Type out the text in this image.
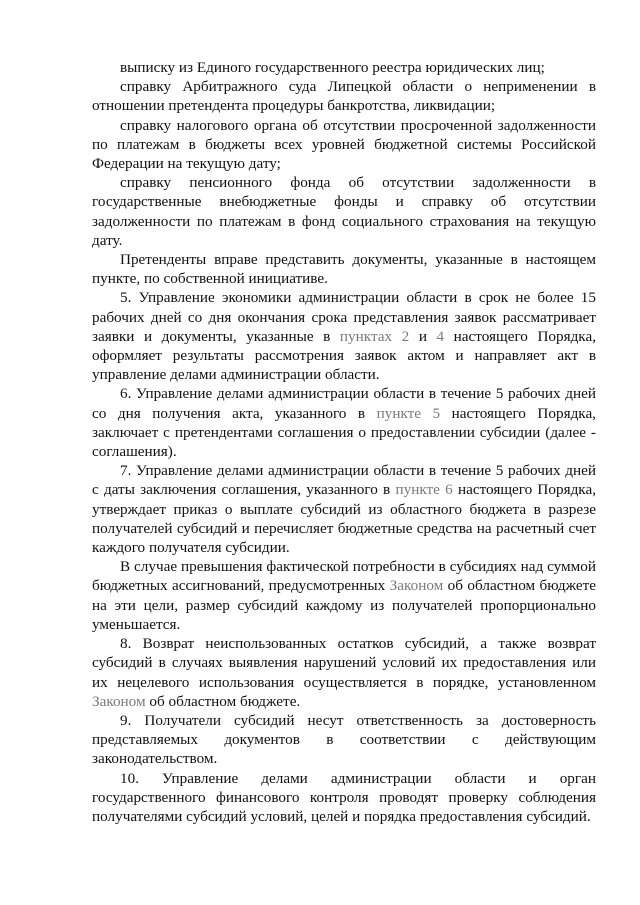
выписку из Единого государственного реестра юридических лиц;

справку Арбитражного суда Липецкой области о неприменении в отношении претендента процедуры банкротства, ликвидации;

справку налогового органа об отсутствии просроченной задолженности по платежам в бюджеты всех уровней бюджетной системы Российской Федерации на текущую дату;

справку пенсионного фонда об отсутствии задолженности в государственные внебюджетные фонды и справку об отсутствии задолженности по платежам в фонд социального страхования на текущую дату.

Претенденты вправе представить документы, указанные в настоящем пункте, по собственной инициативе.

5. Управление экономики администрации области в срок не более 15 рабочих дней со дня окончания срока представления заявок рассматривает заявки и документы, указанные в пунктах 2 и 4 настоящего Порядка, оформляет результаты рассмотрения заявок актом и направляет акт в управление делами администрации области.

6. Управление делами администрации области в течение 5 рабочих дней со дня получения акта, указанного в пункте 5 настоящего Порядка, заключает с претендентами соглашения о предоставлении субсидии (далее - соглашения).

7. Управление делами администрации области в течение 5 рабочих дней с даты заключения соглашения, указанного в пункте 6 настоящего Порядка, утверждает приказ о выплате субсидий из областного бюджета в разрезе получателей субсидий и перечисляет бюджетные средства на расчетный счет каждого получателя субсидии.

В случае превышения фактической потребности в субсидиях над суммой бюджетных ассигнований, предусмотренных Законом об областном бюджете на эти цели, размер субсидий каждому из получателей пропорционально уменьшается.

8. Возврат неиспользованных остатков субсидий, а также возврат субсидий в случаях выявления нарушений условий их предоставления или их нецелевого использования осуществляется в порядке, установленном Законом об областном бюджете.

9. Получатели субсидий несут ответственность за достоверность представляемых документов в соответствии с действующим законодательством.

10. Управление делами администрации области и орган государственного финансового контроля проводят проверку соблюдения получателями субсидий условий, целей и порядка предоставления субсидий.
